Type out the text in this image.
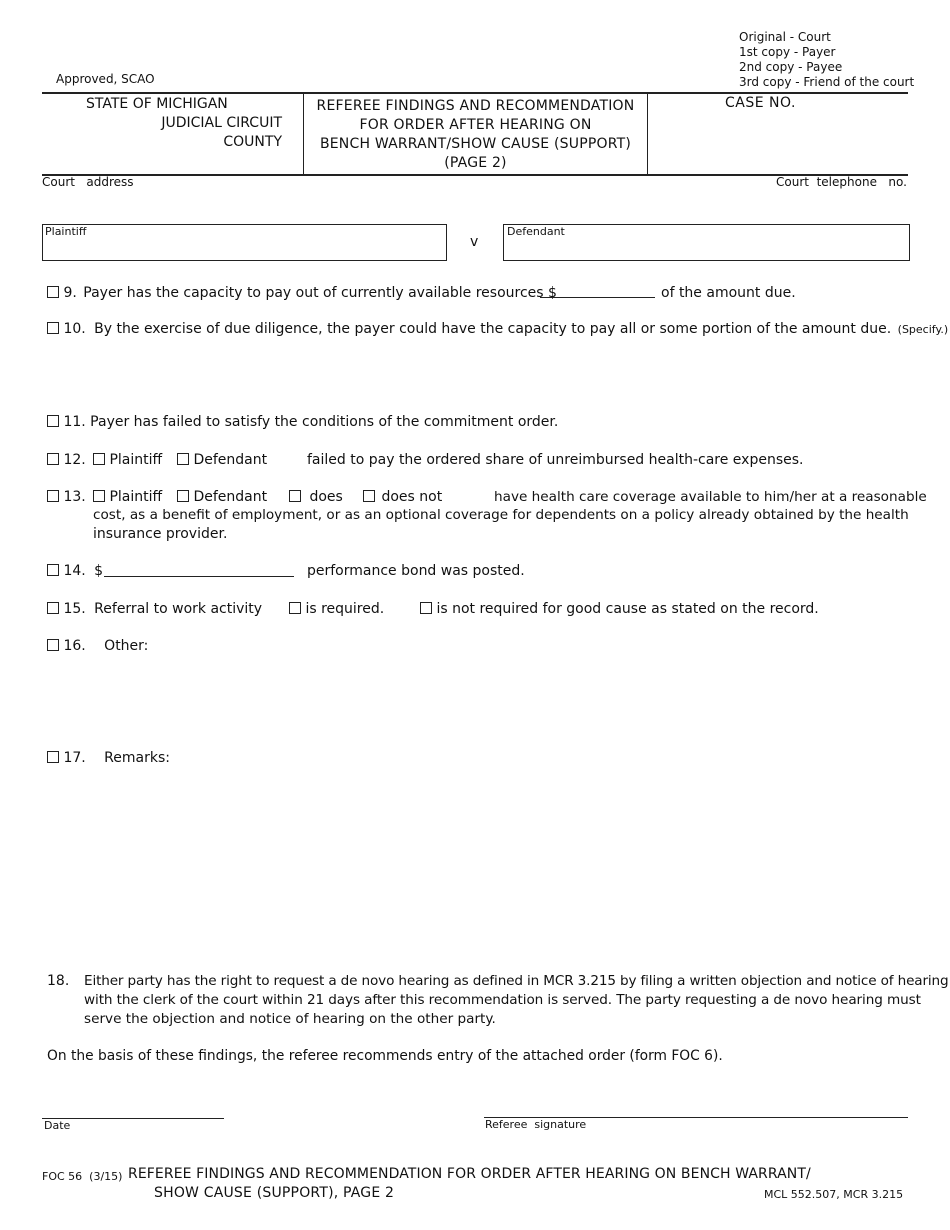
Original - Court
1st copy - Payer
2nd copy - Payee
3rd copy - Friend of the court
Approved, SCAO
STATE OF MICHIGAN
JUDICIAL CIRCUIT
COUNTY
REFEREE FINDINGS AND RECOMMENDATION
FOR ORDER AFTER HEARING ON
BENCH WARRANT/SHOW CAUSE (SUPPORT)
(PAGE 2)
CASE NO.
Court   address	Court  telephone   no.
Plaintiff
v
Defendant
9. Payer has the capacity to pay out of currently available resources $	of the amount due.
10. By the exercise of due diligence, the payer could have the capacity to pay all or some portion of the amount due. (Specify.)
11. Payer has failed to satisfy the conditions of the commitment order.
12.	Plaintiff	Defendant	failed to pay the ordered share of unreimbursed health-care expenses.
13.	Plaintiff	Defendant	does	does not	have health care coverage available to him/her at a reasonable
cost, as a benefit of employment, or as an optional coverage for dependents on a policy already obtained by the health
insurance provider.
14. $	performance bond was posted.
15. Referral to work activity	is required.	is not required for good cause as stated on the record.
16. Other:
17. Remarks:
18. Either party has the right to request a de novo hearing as defined in MCR 3.215 by filing a written objection and notice of hearing
with the clerk of the court within 21 days after this recommendation is served. The party requesting a de novo hearing must
serve the objection and notice of hearing on the other party.
On the basis of these findings, the referee recommends entry of the attached order (form FOC 6).
Date	Referee  signature
FOC 56  (3/15) REFEREE FINDINGS AND RECOMMENDATION FOR ORDER AFTER HEARING ON BENCH WARRANT/
SHOW CAUSE (SUPPORT), PAGE 2	MCL 552.507, MCR 3.215
